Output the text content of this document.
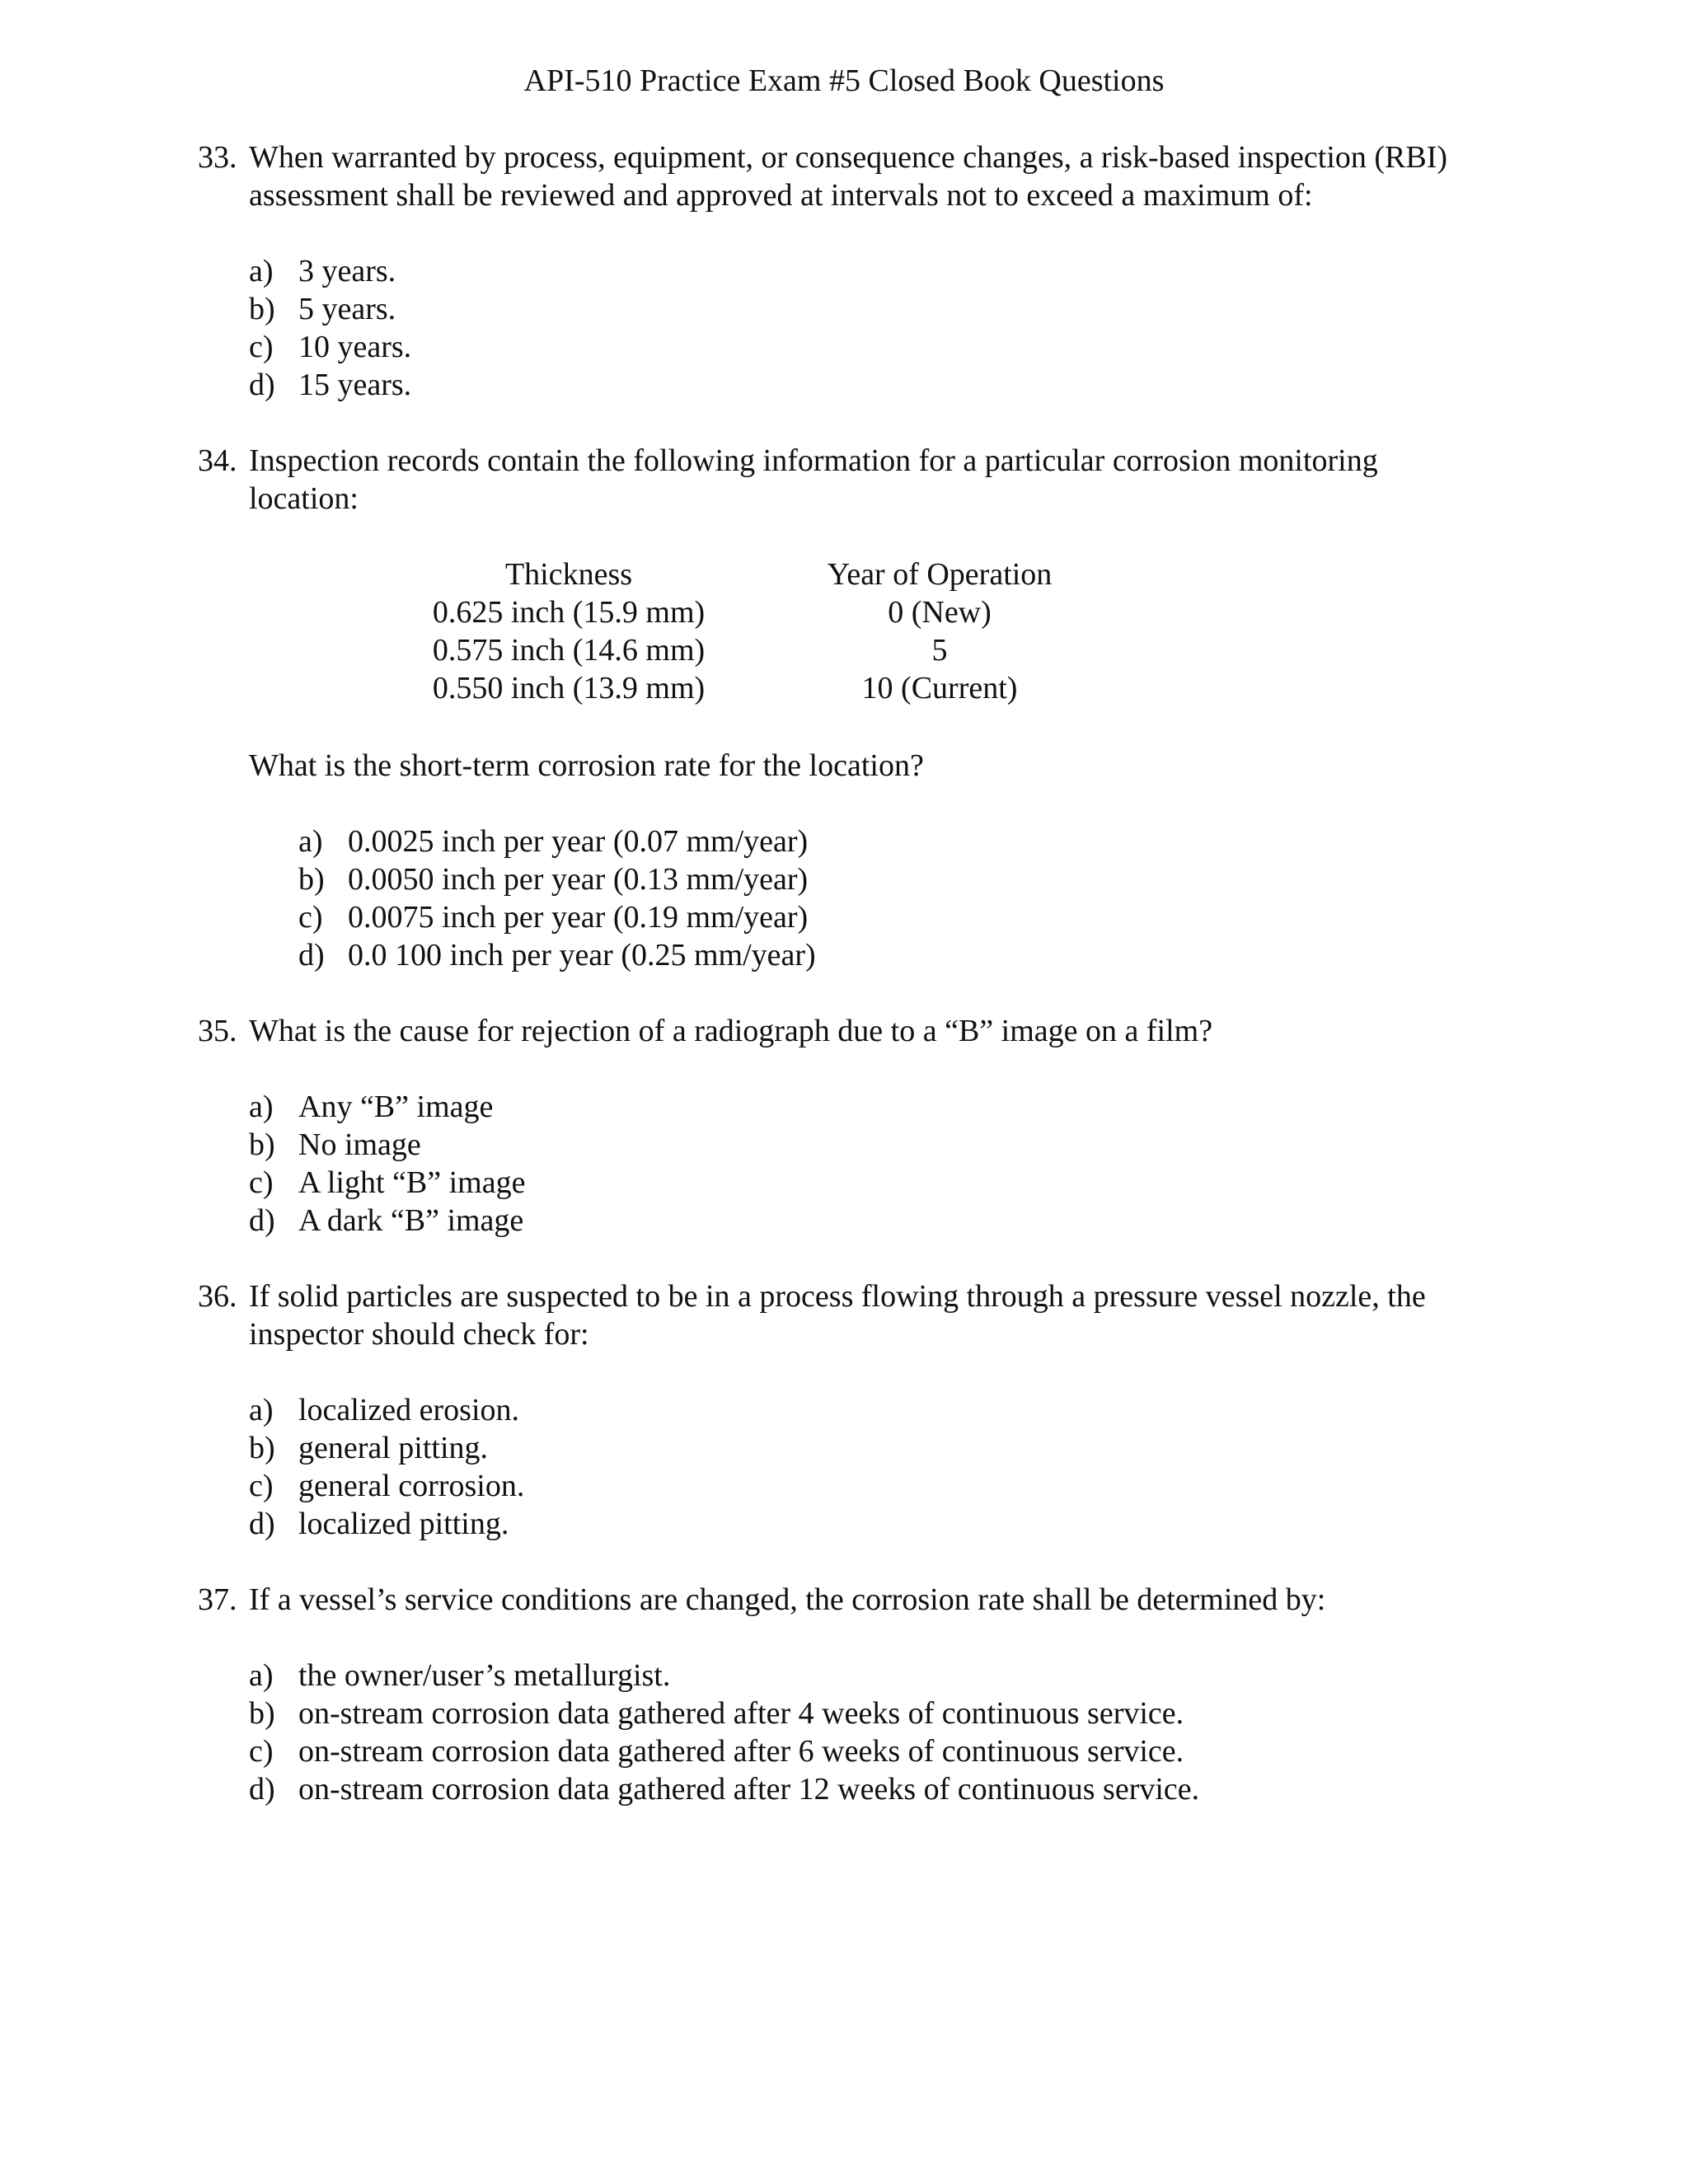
API-510 Practice Exam #5 Closed Book Questions
33. When warranted by process, equipment, or consequence changes, a risk-based inspection (RBI) assessment shall be reviewed and approved at intervals not to exceed a maximum of:
a) 3 years.
b) 5 years.
c) 10 years.
d) 15 years.
34. Inspection records contain the following information for a particular corrosion monitoring location:
Thickness	Year of Operation
0.625 inch (15.9 mm)	0 (New)
0.575 inch (14.6 mm)	5
0.550 inch (13.9 mm)	10 (Current)
What is the short-term corrosion rate for the location?
a) 0.0025 inch per year (0.07 mm/year)
b) 0.0050 inch per year (0.13 mm/year)
c) 0.0075 inch per year (0.19 mm/year)
d) 0.0 100 inch per year (0.25 mm/year)
35. What is the cause for rejection of a radiograph due to a “B” image on a film?
a) Any “B” image
b) No image
c) A light “B” image
d) A dark “B” image
36. If solid particles are suspected to be in a process flowing through a pressure vessel nozzle, the inspector should check for:
a) localized erosion.
b) general pitting.
c) general corrosion.
d) localized pitting.
37. If a vessel’s service conditions are changed, the corrosion rate shall be determined by:
a) the owner/user’s metallurgist.
b) on-stream corrosion data gathered after 4 weeks of continuous service.
c) on-stream corrosion data gathered after 6 weeks of continuous service.
d) on-stream corrosion data gathered after 12 weeks of continuous service.
